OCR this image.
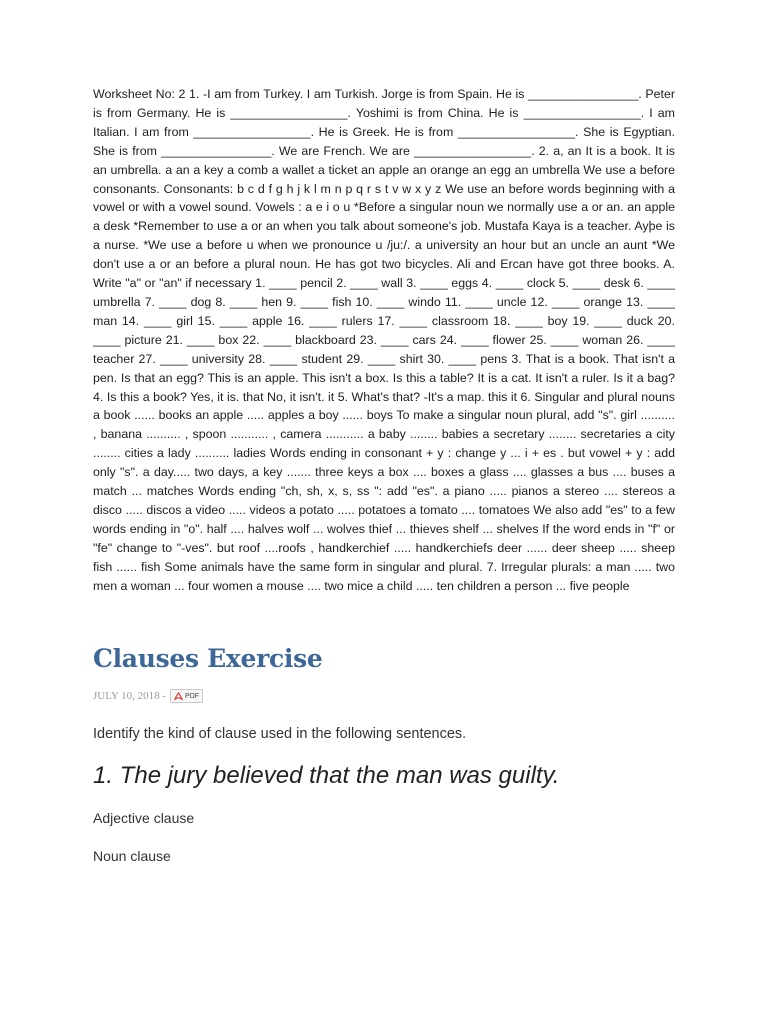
Worksheet No: 2 1. -I am from Turkey. I am Turkish. Jorge is from Spain. He is ________________. Peter is from Germany. He is _________________. Yoshimi is from China. He is _________________. I am Italian. I am from _________________. He is Greek. He is from _________________. She is Egyptian. She is from ________________. We are French. We are _________________. 2. a, an It is a book. It is an umbrella. a an a key a comb a wallet a ticket an apple an orange an egg an umbrella We use a before consonants. Consonants: b c d f g h j k l m n p q r s t v w x y z We use an before words beginning with a vowel or with a vowel sound. Vowels : a e i o u *Before a singular noun we normally use a or an. an apple a desk *Remember to use a or an when you talk about someone's job. Mustafa Kaya is a teacher. Ayþe is a nurse. *We use a before u when we pronounce u /ju:/. a university an hour but an uncle an aunt *We don't use a or an before a plural noun. He has got two bicycles. Ali and Ercan have got three books. A. Write "a" or "an" if necessary 1. ____ pencil 2. ____ wall 3. ____ eggs 4. ____ clock 5. ____ desk 6. ____ umbrella 7. ____ dog 8. ____ hen 9. ____ fish 10. ____ windo 11. ____ uncle 12. ____ orange 13. ____ man 14. ____ girl 15. ____ apple 16. ____ rulers 17. ____ classroom 18. ____ boy 19. ____ duck 20. ____ picture 21. ____ box 22. ____ blackboard 23. ____ cars 24. ____ flower 25. ____ woman 26. ____ teacher 27. ____ university 28. ____ student 29. ____ shirt 30. ____ pens 3. That is a book. That isn't a pen. Is that an egg? This is an apple. This isn't a box. Is this a table? It is a cat. It isn't a ruler. Is it a bag? 4. Is this a book? Yes, it is. that No, it isn't. it 5. What's that? -It's a map. this it 6. Singular and plural nouns a book ...... books an apple ..... apples a boy ...... boys To make a singular noun plural, add "s". girl .......... , banana .......... , spoon ........... , camera ........... a baby ........ babies a secretary ........ secretaries a city ........ cities a lady .......... ladies Words ending in consonant + y : change y ... i + es . but vowel + y : add only "s". a day..... two days, a key ....... three keys a box .... boxes a glass .... glasses a bus .... buses a match ... matches Words ending "ch, sh, x, s, ss ": add "es". a piano ..... pianos a stereo .... stereos a disco ..... discos a video ..... videos a potato ..... potatoes a tomato .... tomatoes We also add "es" to a few words ending in "o". half .... halves wolf ... wolves thief ... thieves shelf ... shelves If the word ends in "f" or "fe" change to "-ves". but roof ....roofs , handkerchief ..... handkerchiefs deer ...... deer sheep ..... sheep fish ...... fish Some animals have the same form in singular and plural. 7. Irregular plurals: a man ..... two men a woman ... four women a mouse .... two mice a child ..... ten children a person ... five people
Clauses Exercise
JULY 10, 2018 -	PDF

Identify the kind of clause used in the following sentences.

1. The jury believed that the man was guilty.
Adjective clause
Noun clause
